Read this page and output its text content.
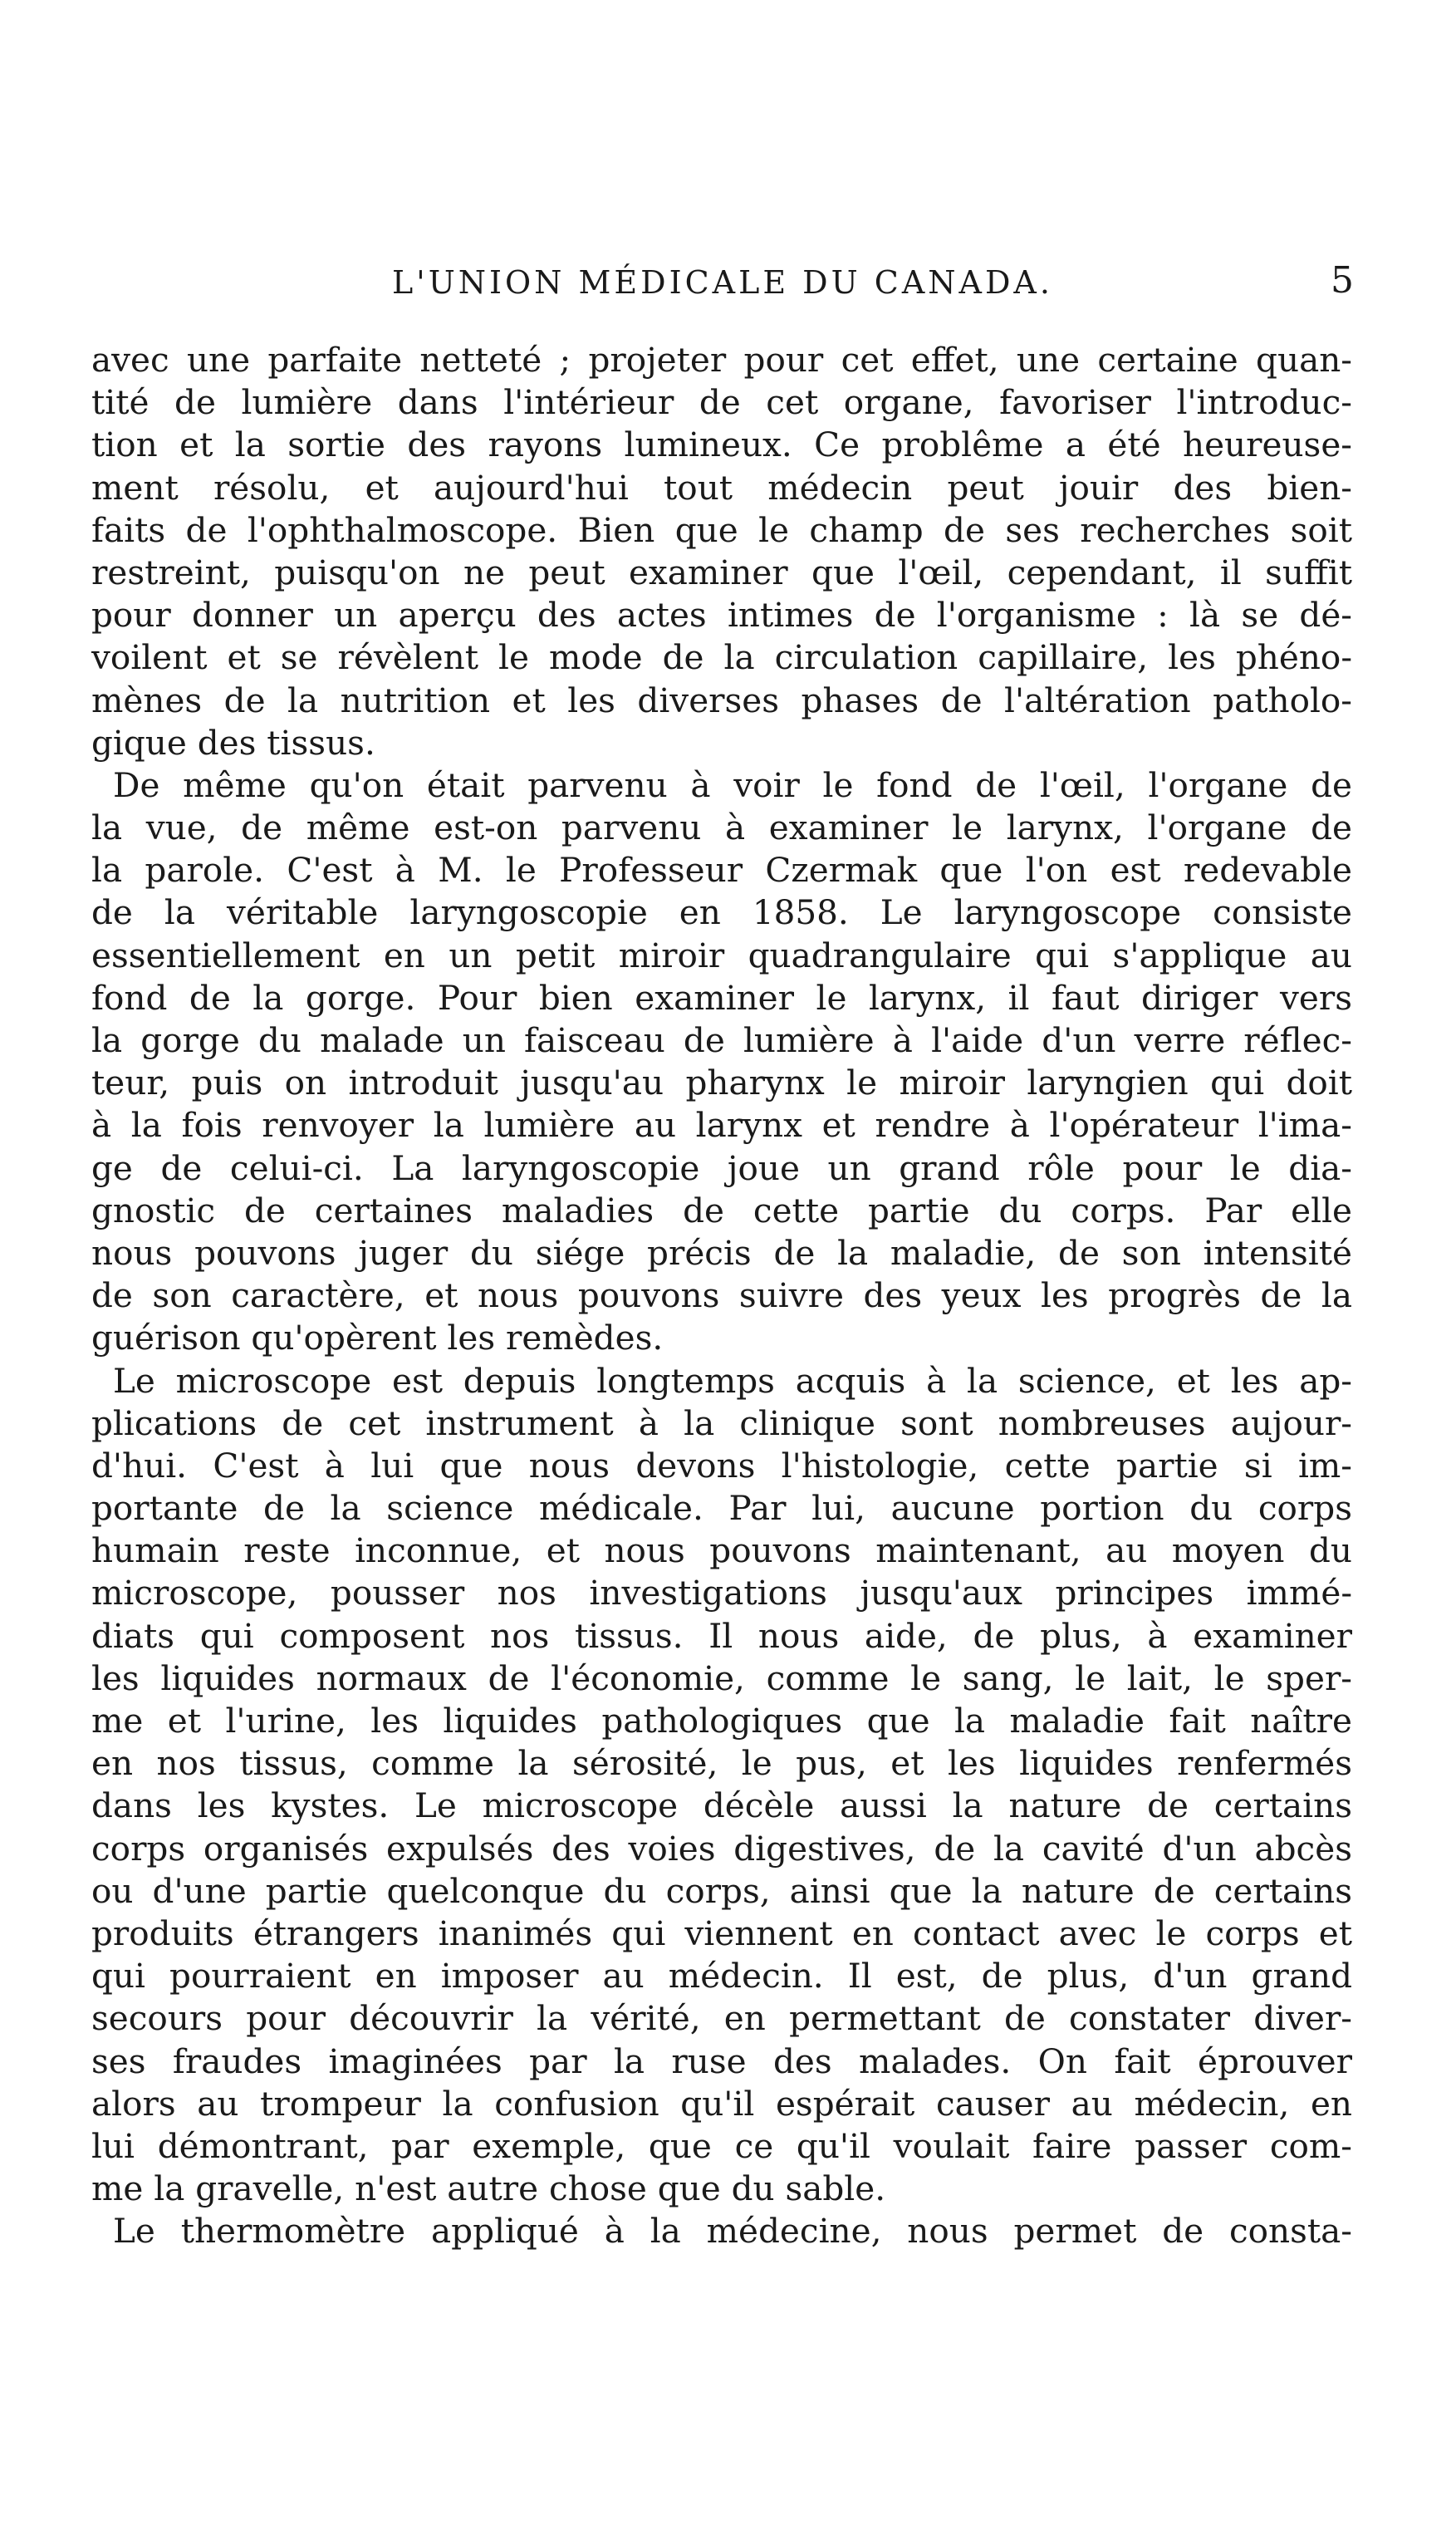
L'UNION MÉDICALE DU CANADA.	5
avec une parfaite netteté ; projeter pour cet effet, une certaine quan-
tité de lumière dans l'intérieur de cet organe, favoriser l'introduc-
tion et la sortie des rayons lumineux. Ce problême a été heureuse-
ment résolu, et aujourd'hui tout médecin peut jouir des bien-
faits de l'ophthalmoscope. Bien que le champ de ses recherches soit
restreint, puisqu'on ne peut examiner que l'œil, cependant, il suffit
pour donner un aperçu des actes intimes de l'organisme : là se dé-
voilent et se révèlent le mode de la circulation capillaire, les phéno-
mènes de la nutrition et les diverses phases de l'altération patholo-
gique des tissus.
De même qu'on était parvenu à voir le fond de l'œil, l'organe de
la vue, de même est-on parvenu à examiner le larynx, l'organe de
la parole. C'est à M. le Professeur Czermak que l'on est redevable
de la véritable laryngoscopie en 1858. Le laryngoscope consiste
essentiellement en un petit miroir quadrangulaire qui s'applique au
fond de la gorge. Pour bien examiner le larynx, il faut diriger vers
la gorge du malade un faisceau de lumière à l'aide d'un verre réflec-
teur, puis on introduit jusqu'au pharynx le miroir laryngien qui doit
à la fois renvoyer la lumière au larynx et rendre à l'opérateur l'ima-
ge de celui-ci. La laryngoscopie joue un grand rôle pour le dia-
gnostic de certaines maladies de cette partie du corps. Par elle
nous pouvons juger du siége précis de la maladie, de son intensité
de son caractère, et nous pouvons suivre des yeux les progrès de la
guérison qu'opèrent les remèdes.
Le microscope est depuis longtemps acquis à la science, et les ap-
plications de cet instrument à la clinique sont nombreuses aujour-
d'hui. C'est à lui que nous devons l'histologie, cette partie si im-
portante de la science médicale. Par lui, aucune portion du corps
humain reste inconnue, et nous pouvons maintenant, au moyen du
microscope, pousser nos investigations jusqu'aux principes immé-
diats qui composent nos tissus. Il nous aide, de plus, à examiner
les liquides normaux de l'économie, comme le sang, le lait, le sper-
me et l'urine, les liquides pathologiques que la maladie fait naître
en nos tissus, comme la sérosité, le pus, et les liquides renfermés
dans les kystes. Le microscope décèle aussi la nature de certains
corps organisés expulsés des voies digestives, de la cavité d'un abcès
ou d'une partie quelconque du corps, ainsi que la nature de certains
produits étrangers inanimés qui viennent en contact avec le corps et
qui pourraient en imposer au médecin. Il est, de plus, d'un grand
secours pour découvrir la vérité, en permettant de constater diver-
ses fraudes imaginées par la ruse des malades. On fait éprouver
alors au trompeur la confusion qu'il espérait causer au médecin, en
lui démontrant, par exemple, que ce qu'il voulait faire passer com-
me la gravelle, n'est autre chose que du sable.
Le thermomètre appliqué à la médecine, nous permet de consta-
